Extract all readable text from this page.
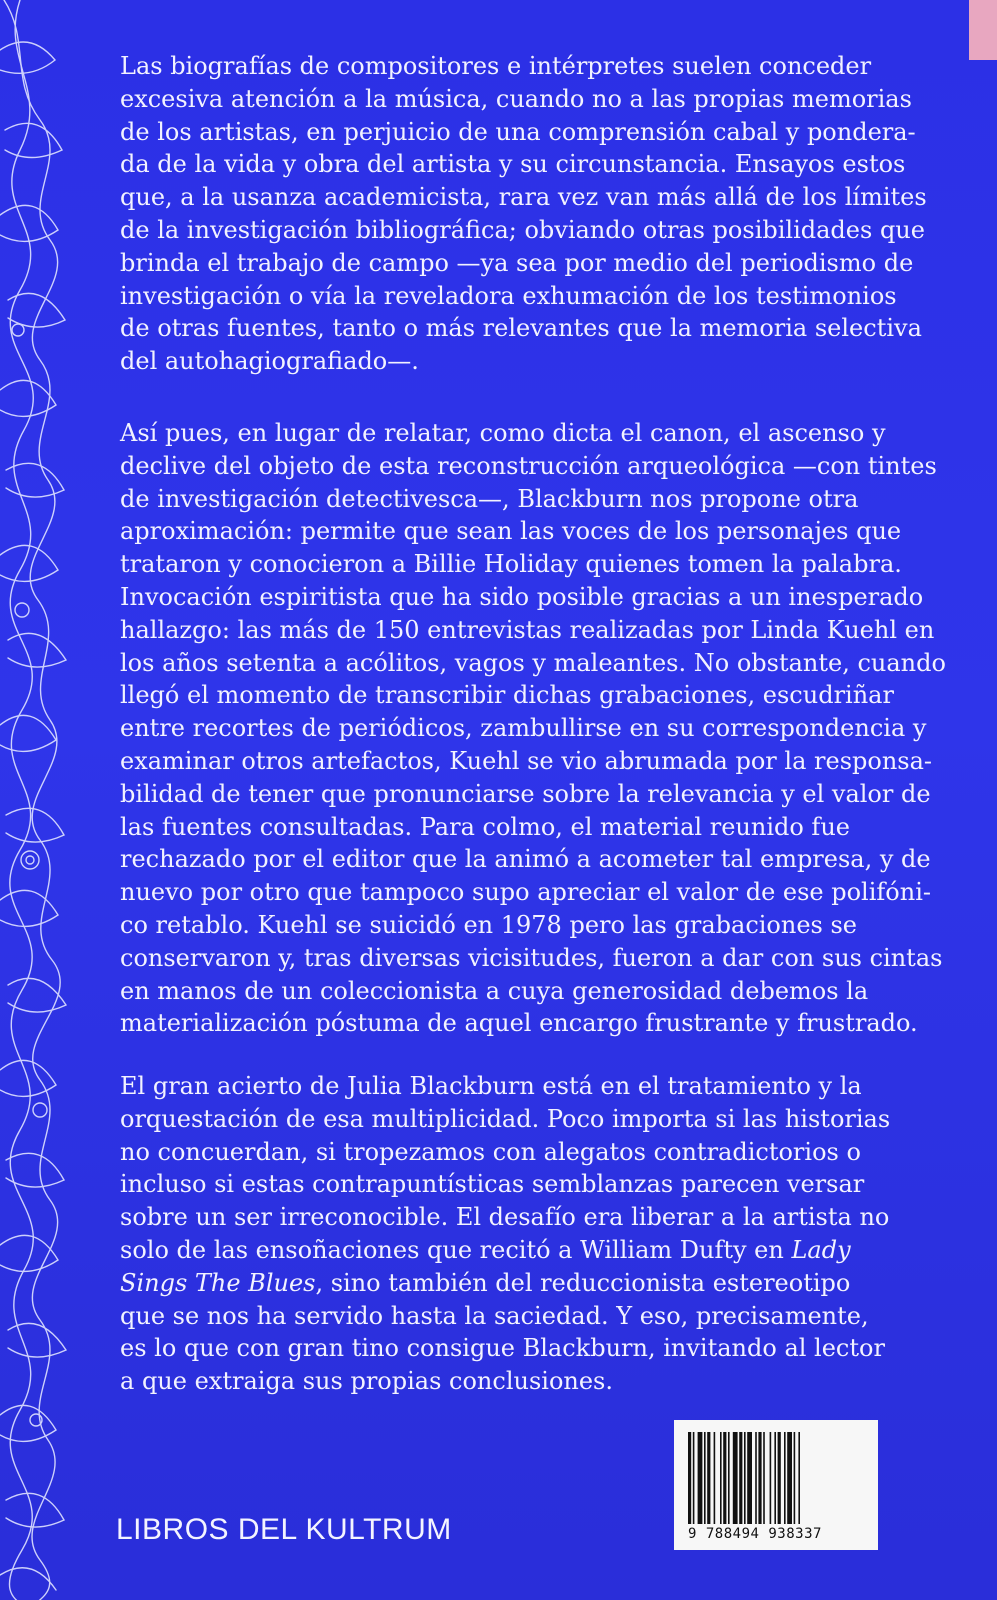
Las biografías de compositores e intérpretes suelen conceder

excesiva atención a la música, cuando no a las propias memorias

de los artistas, en perjuicio de una comprensión cabal y pondera-

da de la vida y obra del artista y su circunstancia. Ensayos estos

que, a la usanza academicista, rara vez van más allá de los límites

de la investigación bibliográfica; obviando otras posibilidades que

brinda el trabajo de campo —ya sea por medio del periodismo de

investigación o vía la reveladora exhumación de los testimonios

de otras fuentes, tanto o más relevantes que la memoria selectiva

del autohagiografiado—.

Así pues, en lugar de relatar, como dicta el canon, el ascenso y

declive del objeto de esta reconstrucción arqueológica —con tintes

de investigación detectivesca—, Blackburn nos propone otra

aproximación: permite que sean las voces de los personajes que

trataron y conocieron a Billie Holiday quienes tomen la palabra.

Invocación espiritista que ha sido posible gracias a un inesperado

hallazgo: las más de 150 entrevistas realizadas por Linda Kuehl en

los años setenta a acólitos, vagos y maleantes. No obstante, cuando

llegó el momento de transcribir dichas grabaciones, escudriñar

entre recortes de periódicos, zambullirse en su correspondencia y

examinar otros artefactos, Kuehl se vio abrumada por la responsa-

bilidad de tener que pronunciarse sobre la relevancia y el valor de

las fuentes consultadas. Para colmo, el material reunido fue

rechazado por el editor que la animó a acometer tal empresa, y de

nuevo por otro que tampoco supo apreciar el valor de ese polifóni-

co retablo. Kuehl se suicidó en 1978 pero las grabaciones se

conservaron y, tras diversas vicisitudes, fueron a dar con sus cintas

en manos de un coleccionista a cuya generosidad debemos la

materialización póstuma de aquel encargo frustrante y frustrado.

El gran acierto de Julia Blackburn está en el tratamiento y la

orquestación de esa multiplicidad. Poco importa si las historias

no concuerdan, si tropezamos con alegatos contradictorios o

incluso si estas contrapuntísticas semblanzas parecen versar

sobre un ser irreconocible. El desafío era liberar a la artista no

solo de las ensoñaciones que recitó a William Dufty en Lady

Sings The Blues, sino también del reduccionista estereotipo

que se nos ha servido hasta la saciedad. Y eso, precisamente,

es lo que con gran tino consigue Blackburn, invitando al lector

a que extraiga sus propias conclusiones.

LIBROS DEL KULTRUM	9 788494 938337
